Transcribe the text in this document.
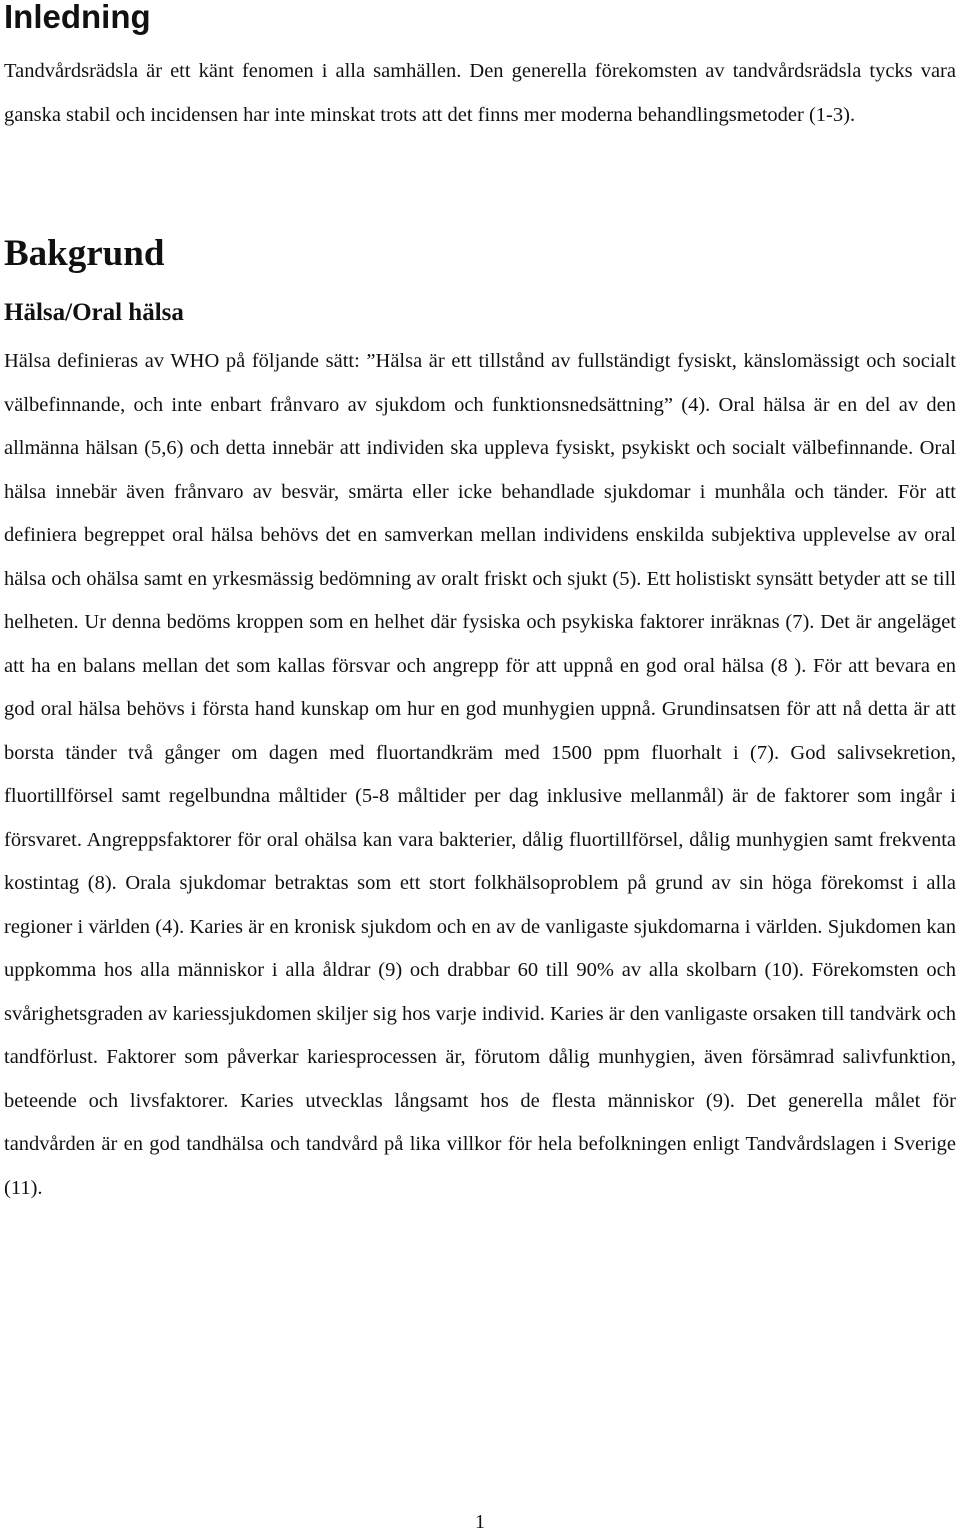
Inledning

Tandvårdsrädsla är ett känt fenomen i alla samhällen. Den generella förekomsten av tandvårdsrädsla tycks vara ganska stabil och incidensen har inte minskat trots att det finns mer moderna behandlingsmetoder (1-3).

Bakgrund
Hälsa/Oral hälsa

Hälsa definieras av WHO på följande sätt: ”Hälsa är ett tillstånd av fullständigt fysiskt, känslomässigt och socialt välbefinnande, och inte enbart frånvaro av sjukdom och funktionsnedsättning” (4). Oral hälsa är en del av den allmänna hälsan (5,6) och detta innebär att individen ska uppleva fysiskt, psykiskt och socialt välbefinnande. Oral hälsa innebär även frånvaro av besvär, smärta eller icke behandlade sjukdomar i munhåla och tänder. För att definiera begreppet oral hälsa behövs det en samverkan mellan individens enskilda subjektiva upplevelse av oral hälsa och ohälsa samt en yrkesmässig bedömning av oralt friskt och sjukt (5). Ett holistiskt synsätt betyder att se till helheten. Ur denna bedöms kroppen som en helhet där fysiska och psykiska faktorer inräknas (7). Det är angeläget att ha en balans mellan det som kallas försvar och angrepp för att uppnå en god oral hälsa (8 ). För att bevara en god oral hälsa behövs i första hand kunskap om hur en god munhygien uppnå. Grundinsatsen för att nå detta är att borsta tänder två gånger om dagen med fluortandkräm med 1500 ppm fluorhalt i (7). God salivsekretion, fluortillförsel samt regelbundna måltider (5-8 måltider per dag inklusive mellanmål) är de faktorer som ingår i försvaret. Angreppsfaktorer för oral ohälsa kan vara bakterier, dålig fluortillförsel, dålig munhygien samt frekventa kostintag (8). Orala sjukdomar betraktas som ett stort folkhälsoproblem på grund av sin höga förekomst i alla regioner i världen (4). Karies är en kronisk sjukdom och en av de vanligaste sjukdomarna i världen. Sjukdomen kan uppkomma hos alla människor i alla åldrar (9) och drabbar 60 till 90% av alla skolbarn (10). Förekomsten och svårighetsgraden av kariessjukdomen skiljer sig hos varje individ. Karies är den vanligaste orsaken till tandvärk och tandförlust. Faktorer som påverkar kariesprocessen är, förutom dålig munhygien, även försämrad salivfunktion, beteende och livsfaktorer. Karies utvecklas långsamt hos de flesta människor (9). Det generella målet för tandvården är en god tandhälsa och tandvård på lika villkor för hela befolkningen enligt Tandvårdslagen i Sverige (11).

1
